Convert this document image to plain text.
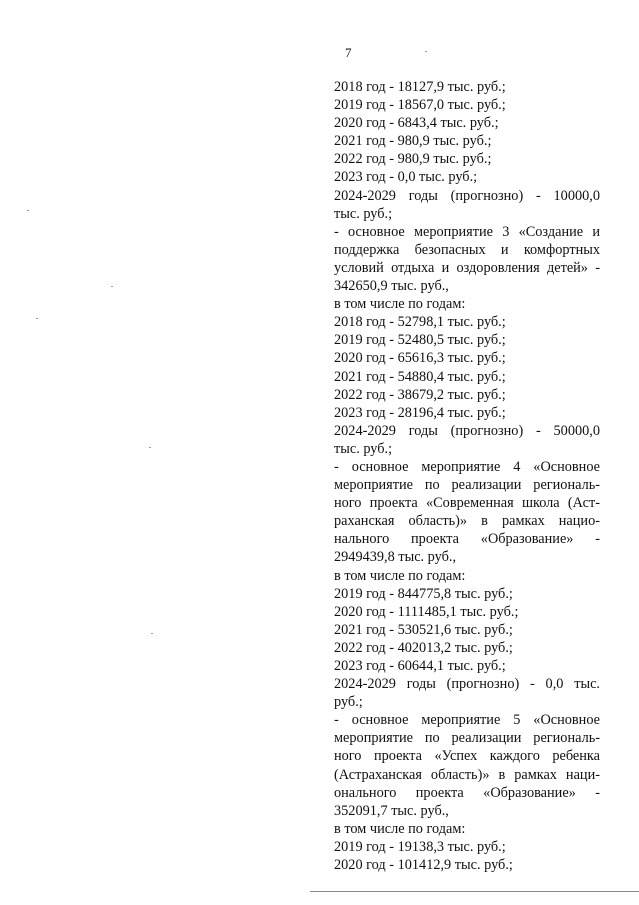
7
2018 год - 18127,9 тыс. руб.;
2019 год - 18567,0 тыс. руб.;
2020 год - 6843,4 тыс. руб.;
2021 год - 980,9 тыс. руб.;
2022 год - 980,9 тыс. руб.;
2023 год - 0,0 тыс. руб.;
2024-2029 годы (прогнозно) - 10000,0
тыс. руб.;
- основное мероприятие 3 «Создание и
поддержка безопасных и комфортных
условий отдыха и оздоровления детей» -
342650,9 тыс. руб.,
в том числе по годам:
2018 год - 52798,1 тыс. руб.;
2019 год - 52480,5 тыс. руб.;
2020 год - 65616,3 тыс. руб.;
2021 год - 54880,4 тыс. руб.;
2022 год - 38679,2 тыс. руб.;
2023 год - 28196,4 тыс. руб.;
2024-2029 годы (прогнозно) - 50000,0
тыс. руб.;
- основное мероприятие 4 «Основное
мероприятие по реализации региональ-
ного проекта «Современная школа (Аст-
раханская область)» в рамках нацио-
нального проекта «Образование» -
2949439,8 тыс. руб.,
в том числе по годам:
2019 год - 844775,8 тыс. руб.;
2020 год - 1111485,1 тыс. руб.;
2021 год - 530521,6 тыс. руб.;
2022 год - 402013,2 тыс. руб.;
2023 год - 60644,1 тыс. руб.;
2024-2029 годы (прогнозно) - 0,0 тыс.
руб.;
- основное мероприятие 5 «Основное
мероприятие по реализации региональ-
ного проекта «Успех каждого ребенка
(Астраханская область)» в рамках наци-
онального проекта «Образование» -
352091,7 тыс. руб.,
в том числе по годам:
2019 год - 19138,3 тыс. руб.;
2020 год - 101412,9 тыс. руб.;
